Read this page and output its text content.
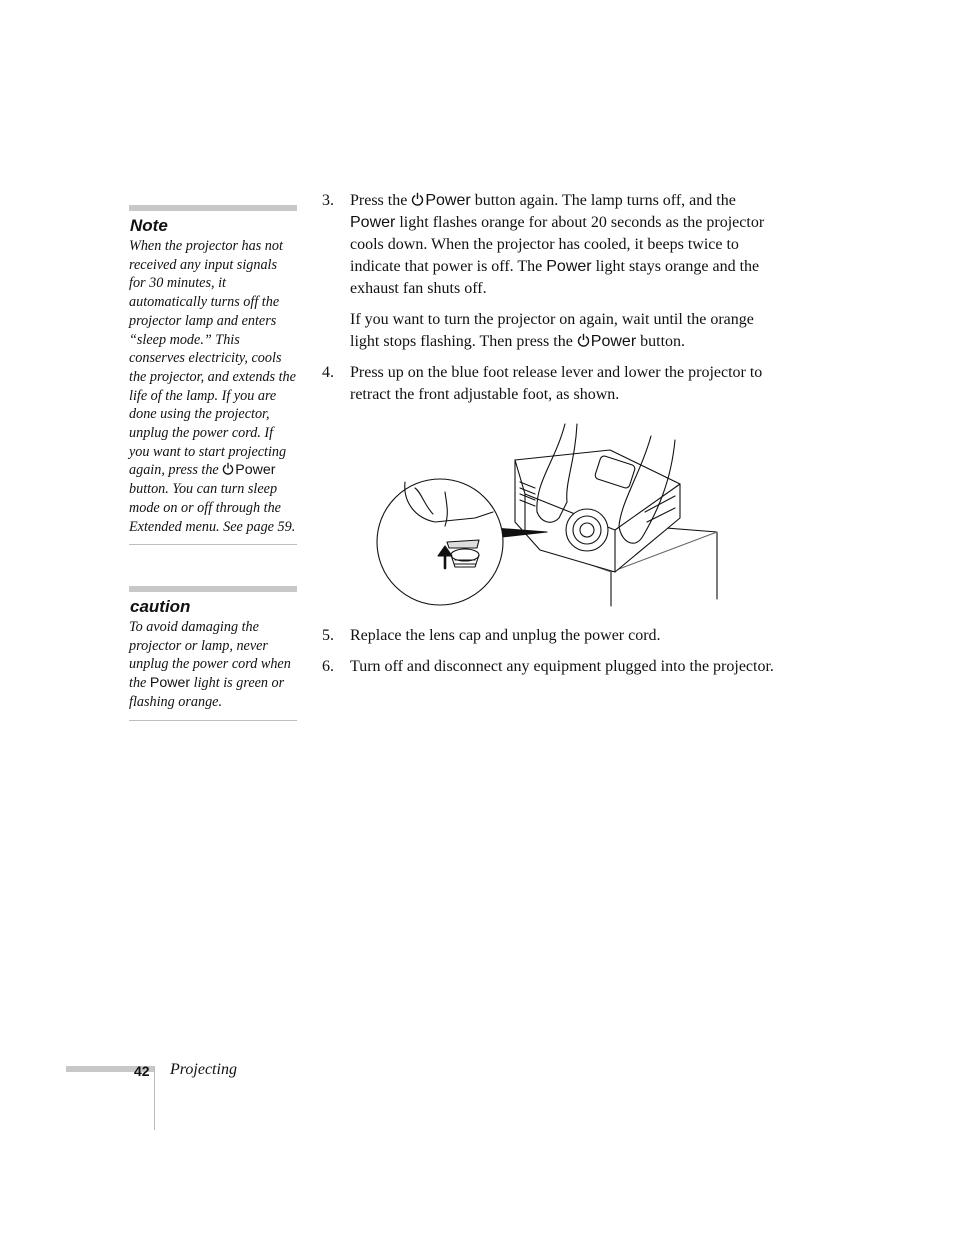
Note

When the projector has not received any input signals for 30 minutes, it automatically turns off the projector lamp and enters “sleep mode.” This conserves electricity, cools the projector, and extends the life of the lamp. If you are done using the projector, unplug the power cord. If you want to start projecting again, press the Power button. You can turn sleep mode on or off through the Extended menu. See page 59.

caution

To avoid damaging the projector or lamp, never unplug the power cord when the Power light is green or flashing orange.

3. Press the Power button again. The lamp turns off, and the Power light flashes orange for about 20 seconds as the projector cools down. When the projector has cooled, it beeps twice to indicate that power is off. The Power light stays orange and the exhaust fan shuts off.

If you want to turn the projector on again, wait until the orange light stops flashing. Then press the Power button.

4. Press up on the blue foot release lever and lower the projector to retract the front adjustable foot, as shown.

5. Replace the lens cap and unplug the power cord.

6. Turn off and disconnect any equipment plugged into the projector.

42 Projecting
